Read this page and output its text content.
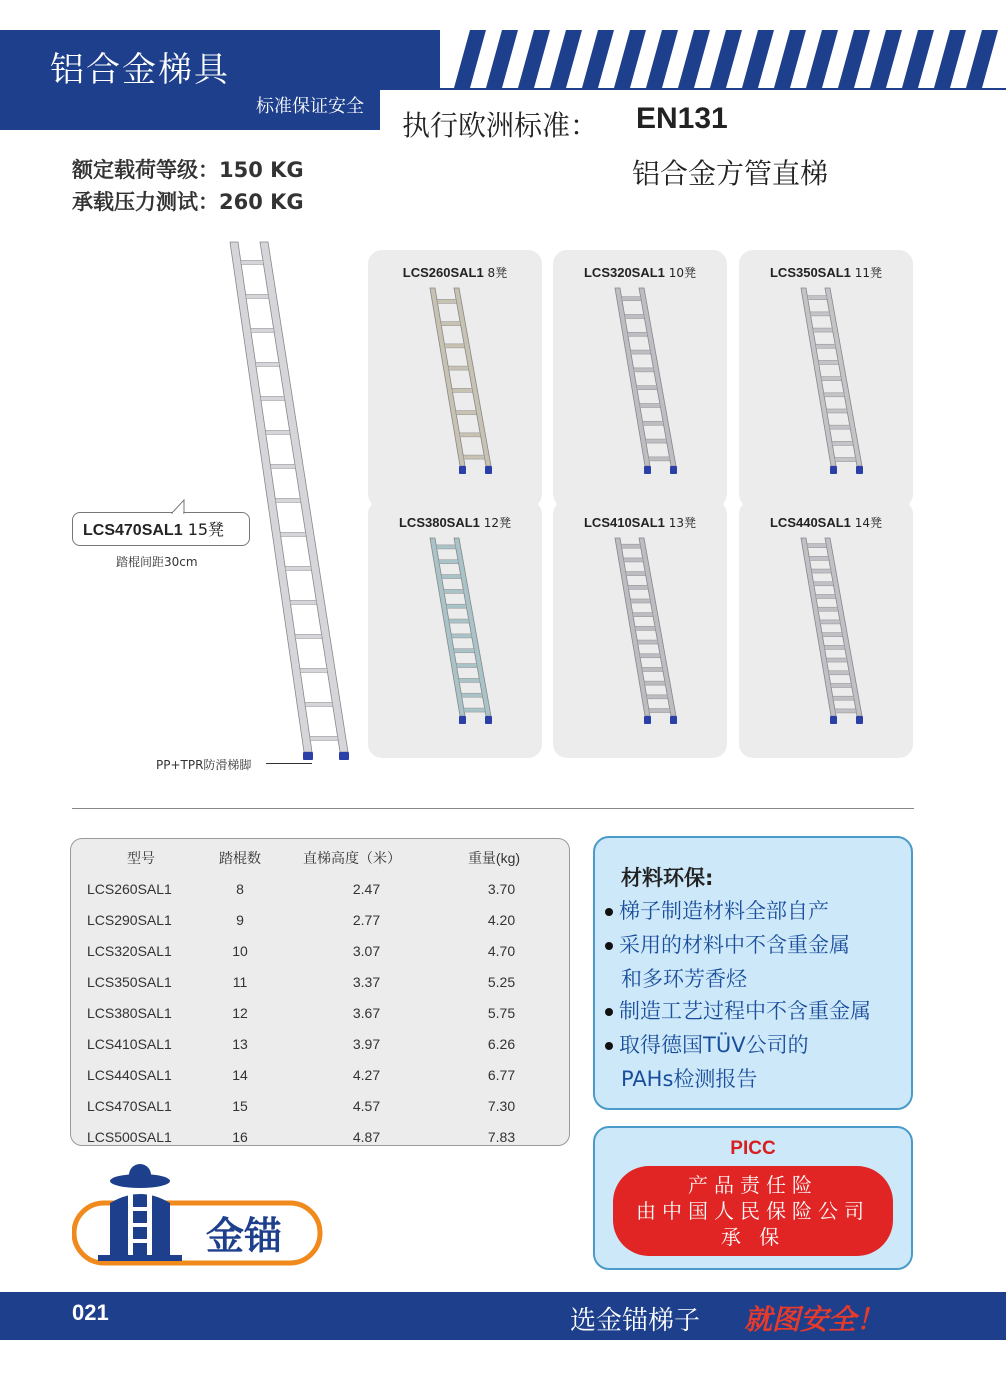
铝合金梯具
标准保证安全
执行欧洲标准： EN131
铝合金方管直梯
额定载荷等级：150 KG
承载压力测试：260 KG
LCS470SAL1 15凳
踏棍间距30cm
PP+TPR防滑梯脚
LCS260SAL1 8凳	LCS320SAL1 10凳	LCS350SAL1 11凳
LCS380SAL1 12凳	LCS410SAL1 13凳	LCS440SAL1 14凳
型号	踏棍数	直梯高度（米）	重量(kg)
LCS260SAL1	8	2.47	3.70
LCS290SAL1	9	2.77	4.20
LCS320SAL1	10	3.07	4.70
LCS350SAL1	11	3.37	5.25
LCS380SAL1	12	3.67	5.75
LCS410SAL1	13	3.97	6.26
LCS440SAL1	14	4.27	6.77
LCS470SAL1	15	4.57	7.30
LCS500SAL1	16	4.87	7.83
材料环保:
梯子制造材料全部自产
采用的材料中不含重金属
和多环芳香烃
制造工艺过程中不含重金属
取得德国TÜV公司的
PAHs检测报告
PICC
产品责任险
由中国人民保险公司
承 保
金锚
021	选金锚梯子 就图安全！
